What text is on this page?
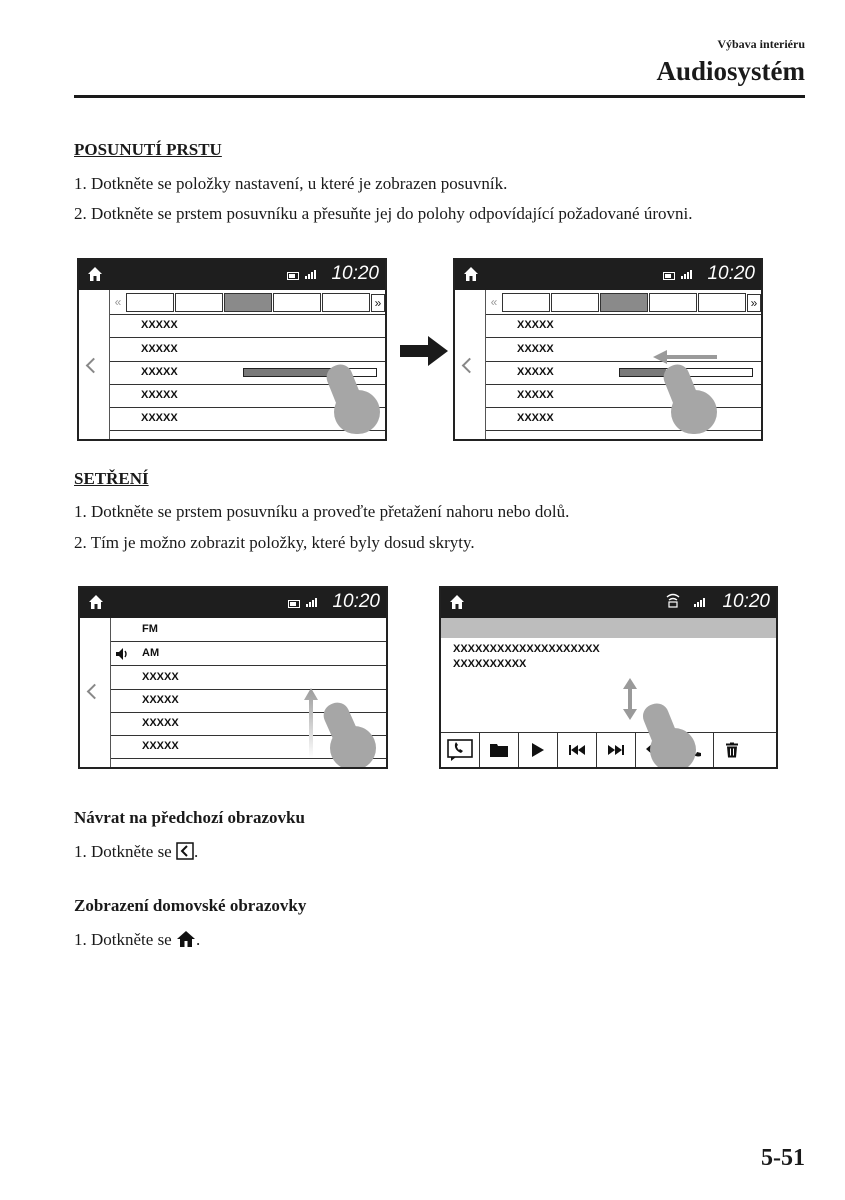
Výbava interiéru
Audiosystém
POSUNUTÍ PRSTU
1. Dotkněte se položky nastavení, u které je zobrazen posuvník.
2. Dotkněte se prstem posuvníku a přesuňte jej do polohy odpovídající požadované úrovni.
10:20
«	»
XXXXX
XXXXX
XXXXX
XXXXX
XXXXX
10:20
«	»
XXXXX
XXXXX
XXXXX
XXXXX
XXXXX
SETŘENÍ
1. Dotkněte se prstem posuvníku a proveďte přetažení nahoru nebo dolů.
2. Tím je možno zobrazit položky, které byly dosud skryty.
10:20
FM
AM
XXXXX
XXXXX
XXXXX
XXXXX
10:20
XXXXXXXXXXXXXXXXXXXX
XXXXXXXXXX
Návrat na předchozí obrazovku
1. Dotkněte se .
Zobrazení domovské obrazovky
1. Dotkněte se .
5-51
